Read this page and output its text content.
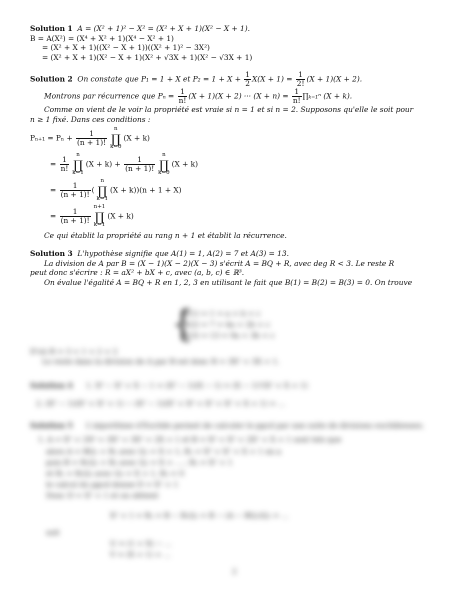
Solution 1 A = (X² + 1)² − X² = (X² + X + 1)(X² − X + 1).
B = A(X²) = (X⁴ + X² + 1)(X⁴ − X² + 1)
= (X² + X + 1)((X² − X + 1))((X² + 1)² − 3X²)
= (X² + X + 1)(X² − X + 1)(X² + √3X + 1)(X² − √3X + 1)
Solution 2 On constate que P₁ = 1 + X et $P_2 = 1 + X + \frac{1}{2} X(X + 1) = \frac{1}{2!} (X + 1)(X + 2)$.
Montrons par récurrence que $P_n = \frac{1}{n!} (X + 1)(X + 2)$ ··· $(X + n) = \frac{1}{n!}$ ∏ₖ₌₁ⁿ (X + k).
Comme on vient de le voir la propriété est vraie si n = 1 et si n = 2. Supposons qu'elle le soit pour
n ≥ 1 fixé. Dans ces conditions :
$P_{n+1} = P_n + \frac{1}{(n + 1)!}$
n
∏
k=0
(X + k)
= $\frac{1}{n!}$
n
∏
k=1
$(X + k) + \frac{1}{(n + 1)!}$
n
∏
k=0
(X + k)
= $\frac{1}{(n + 1)!}$ (
n
∏
k=1
(X + k))(n + 1 + X)
= $\frac{1}{(n + 1)!}$
n+1
∏
k=1
(X + k)
Ce qui établit la propriété au rang n + 1 et établit la récurrence.
Solution 3 L'hypothèse signifie que A(1) = 1, A(2) = 7 et A(3) = 13.
La division de A par B = (X − 1)(X − 2)(X − 3) s'écrit A = BQ + R, avec deg R < 3. Le reste R
peut donc s'écrire : R = aX² + bX + c, avec (a, b, c) ∈ ℝ³.
On évalue l'égalité A = BQ + R en 1, 2, 3 en utilisant le fait que B(1) = B(2) = B(3) = 0. On trouve
{
R(1) = 1 = a + b + c
R(2) = 7 = 4a + 2b + c
R(3) = 13 = 9a + 3b + c
D'où R = 3 + 1 + 2 + 2
Le reste dans la division de A par B est donc R = 3X² + 3X + 1.
Solution 4 1. X⁴ − X³ + X − 1 = (X³ − 1)(X − 1) = (X − 1)²(X² + X + 1)
2. (X⁵ − 1)(X³ + X² + 1) − (X³ − 1)(X⁵ + X⁴ + X³ + X² + X + 1) = ...
Solution 5 L'algorithme d'Euclide permet de calculer le pgcd par une suite de divisions euclidiennes.
1. A = X⁵ + 2X⁴ + 3X³ + 3X² + 2X + 1 et B = X⁴ + X³ + 2X² + X + 1 sont tels que
alors A = BQ₁ + R₁ avec Q₁ = X + 1, R₁ = X³ + X² + X + 1 on a
puis B = R₁Q₂ + R₂ avec Q₂ = X + ... ; R₂ = X² + 1
et R₁ = R₂Q₃ avec Q₃ = X + 1, R₃ = 0
le calcul du pgcd donne D = X² + 1
Donc D = X² + 1 et on obtient
X² + 1 = R₂ = B − R₁Q₂ = B − (A − BQ₁)Q₂ = ...
soit
U = (1 + X) − ...
V = (X + 1) + ...
2
